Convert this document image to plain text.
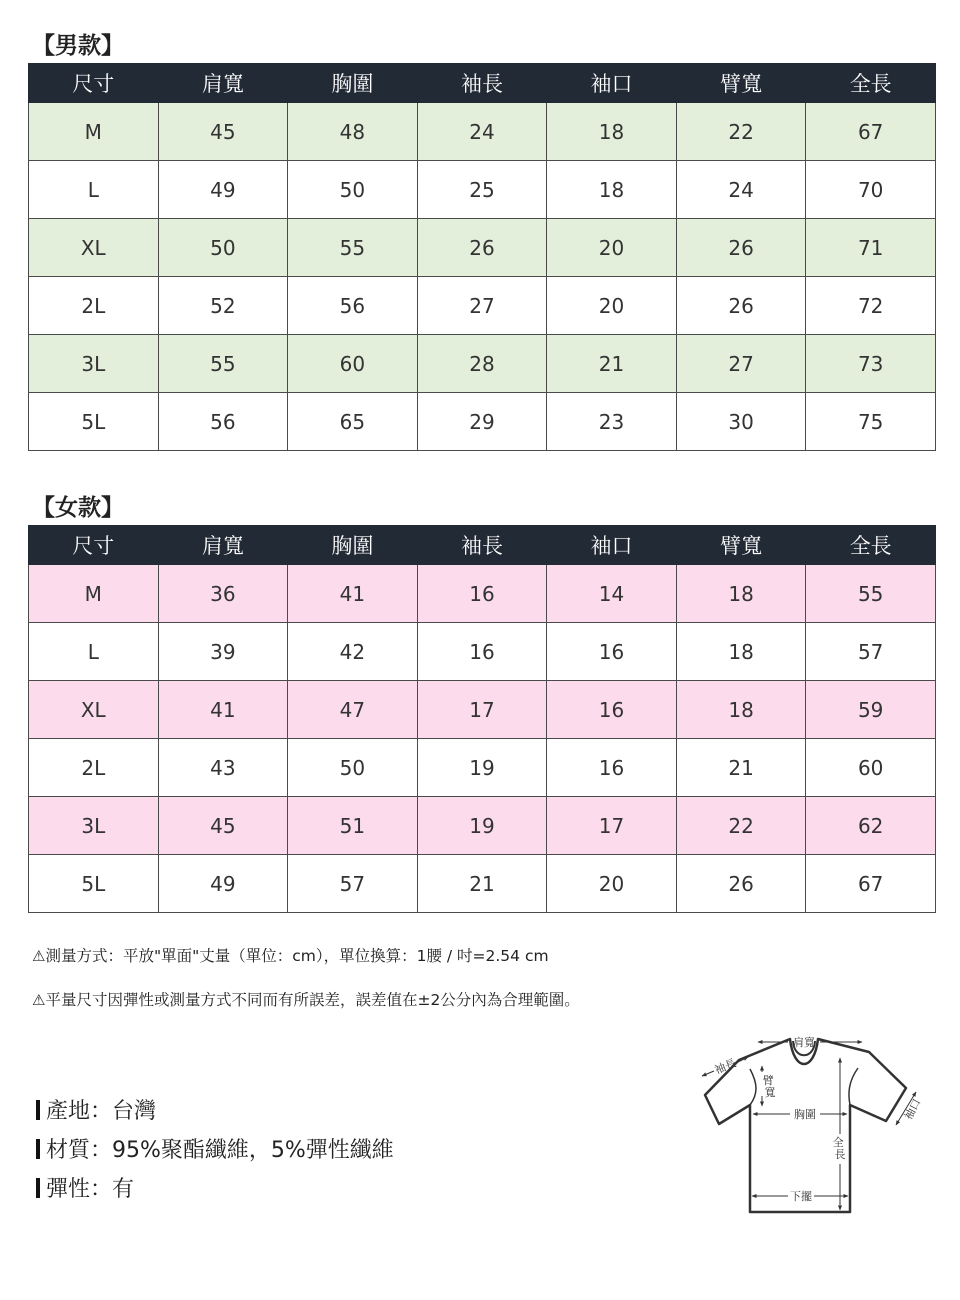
【男款】
尺寸	肩寬	胸圍	袖長	袖口	臂寬	全長
M	45	48	24	18	22	67
L	49	50	25	18	24	70
XL	50	55	26	20	26	71
2L	52	56	27	20	26	72
3L	55	60	28	21	27	73
5L	56	65	29	23	30	75
【女款】
尺寸	肩寬	胸圍	袖長	袖口	臂寬	全長
M	36	41	16	14	18	55
L	39	42	16	16	18	57
XL	41	47	17	16	18	59
2L	43	50	19	16	21	60
3L	45	51	19	17	22	62
5L	49	57	21	20	26	67

⚠測量方式：平放"單面"丈量（單位：cm），單位換算：1腰 / 吋=2.54 cm

⚠平量尺寸因彈性或測量方式不同而有所誤差，誤差值在±2公分內為合理範圍。

產地：台灣

材質：95%聚酯纖維，5%彈性纖維

彈性：有

肩寬
袖長
臂 寬
胸圍
全 長
袖口
下擺
